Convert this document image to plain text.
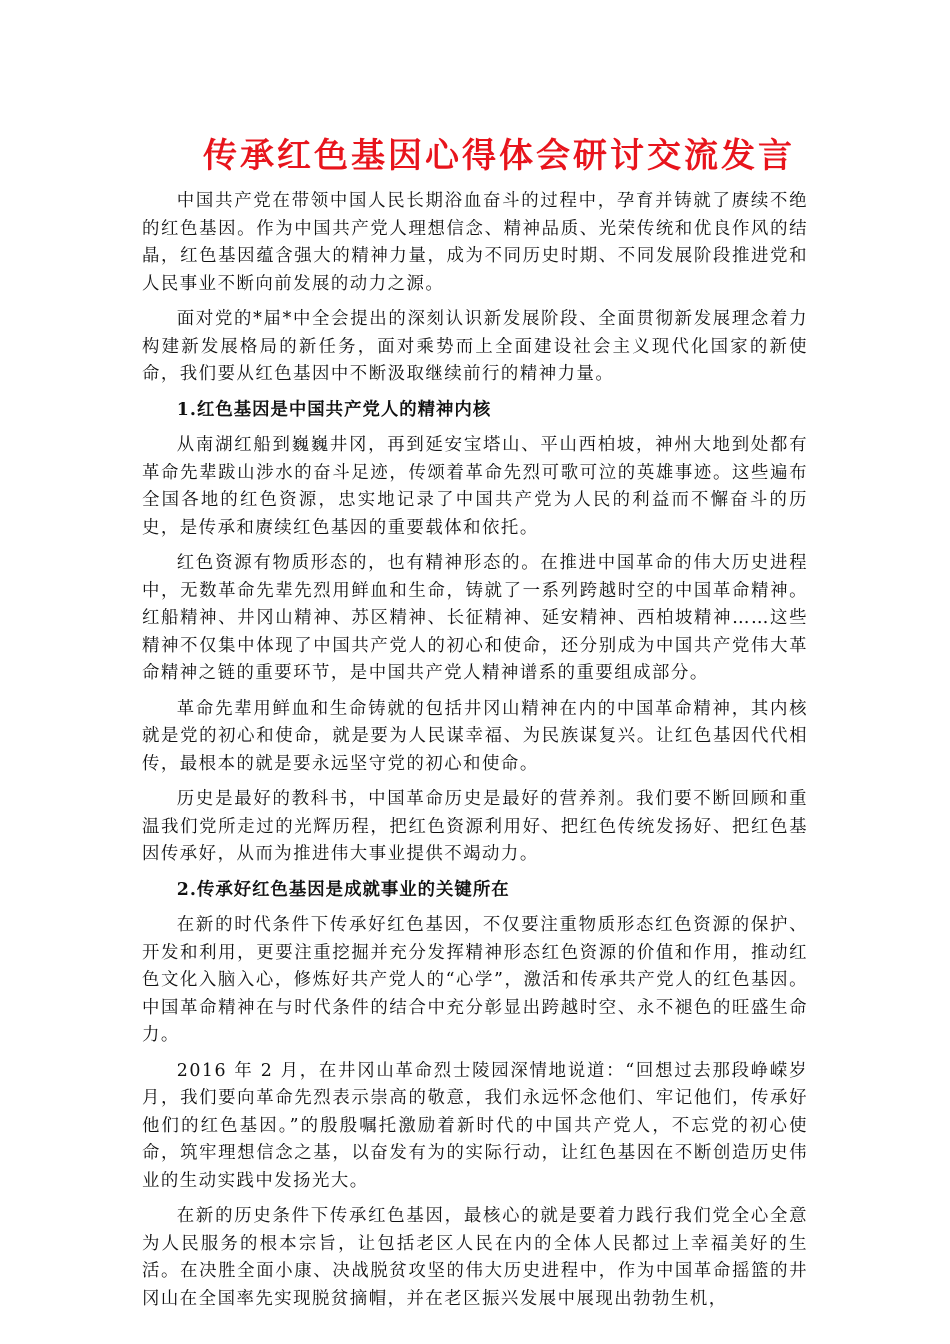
传承红色基因心得体会研讨交流发言

中国共产党在带领中国人民长期浴血奋斗的过程中，孕育并铸就了赓续不绝的红色基因。作为中国共产党人理想信念、精神品质、光荣传统和优良作风的结晶，红色基因蕴含强大的精神力量，成为不同历史时期、不同发展阶段推进党和人民事业不断向前发展的动力之源。

面对党的*届*中全会提出的深刻认识新发展阶段、全面贯彻新发展理念着力构建新发展格局的新任务，面对乘势而上全面建设社会主义现代化国家的新使命，我们要从红色基因中不断汲取继续前行的精神力量。

1.红色基因是中国共产党人的精神内核

从南湖红船到巍巍井冈，再到延安宝塔山、平山西柏坡，神州大地到处都有革命先辈跋山涉水的奋斗足迹，传颂着革命先烈可歌可泣的英雄事迹。这些遍布全国各地的红色资源，忠实地记录了中国共产党为人民的利益而不懈奋斗的历史，是传承和赓续红色基因的重要载体和依托。

红色资源有物质形态的，也有精神形态的。在推进中国革命的伟大历史进程中，无数革命先辈先烈用鲜血和生命，铸就了一系列跨越时空的中国革命精神。红船精神、井冈山精神、苏区精神、长征精神、延安精神、西柏坡精神……这些精神不仅集中体现了中国共产党人的初心和使命，还分别成为中国共产党伟大革命精神之链的重要环节，是中国共产党人精神谱系的重要组成部分。

革命先辈用鲜血和生命铸就的包括井冈山精神在内的中国革命精神，其内核就是党的初心和使命，就是要为人民谋幸福、为民族谋复兴。让红色基因代代相传，最根本的就是要永远坚守党的初心和使命。

历史是最好的教科书，中国革命历史是最好的营养剂。我们要不断回顾和重温我们党所走过的光辉历程，把红色资源利用好、把红色传统发扬好、把红色基因传承好，从而为推进伟大事业提供不竭动力。

2.传承好红色基因是成就事业的关键所在

在新的时代条件下传承好红色基因，不仅要注重物质形态红色资源的保护、开发和利用，更要注重挖掘并充分发挥精神形态红色资源的价值和作用，推动红色文化入脑入心，修炼好共产党人的“心学”，激活和传承共产党人的红色基因。中国革命精神在与时代条件的结合中充分彰显出跨越时空、永不褪色的旺盛生命力。

2016 年 2 月，在井冈山革命烈士陵园深情地说道：“回想过去那段峥嵘岁月，我们要向革命先烈表示崇高的敬意，我们永远怀念他们、牢记他们，传承好他们的红色基因。”的殷殷嘱托激励着新时代的中国共产党人，不忘党的初心使命，筑牢理想信念之基，以奋发有为的实际行动，让红色基因在不断创造历史伟业的生动实践中发扬光大。

在新的历史条件下传承红色基因，最核心的就是要着力践行我们党全心全意为人民服务的根本宗旨，让包括老区人民在内的全体人民都过上幸福美好的生活。在决胜全面小康、决战脱贫攻坚的伟大历史进程中，作为中国革命摇篮的井冈山在全国率先实现脱贫摘帽，并在老区振兴发展中展现出勃勃生机，
